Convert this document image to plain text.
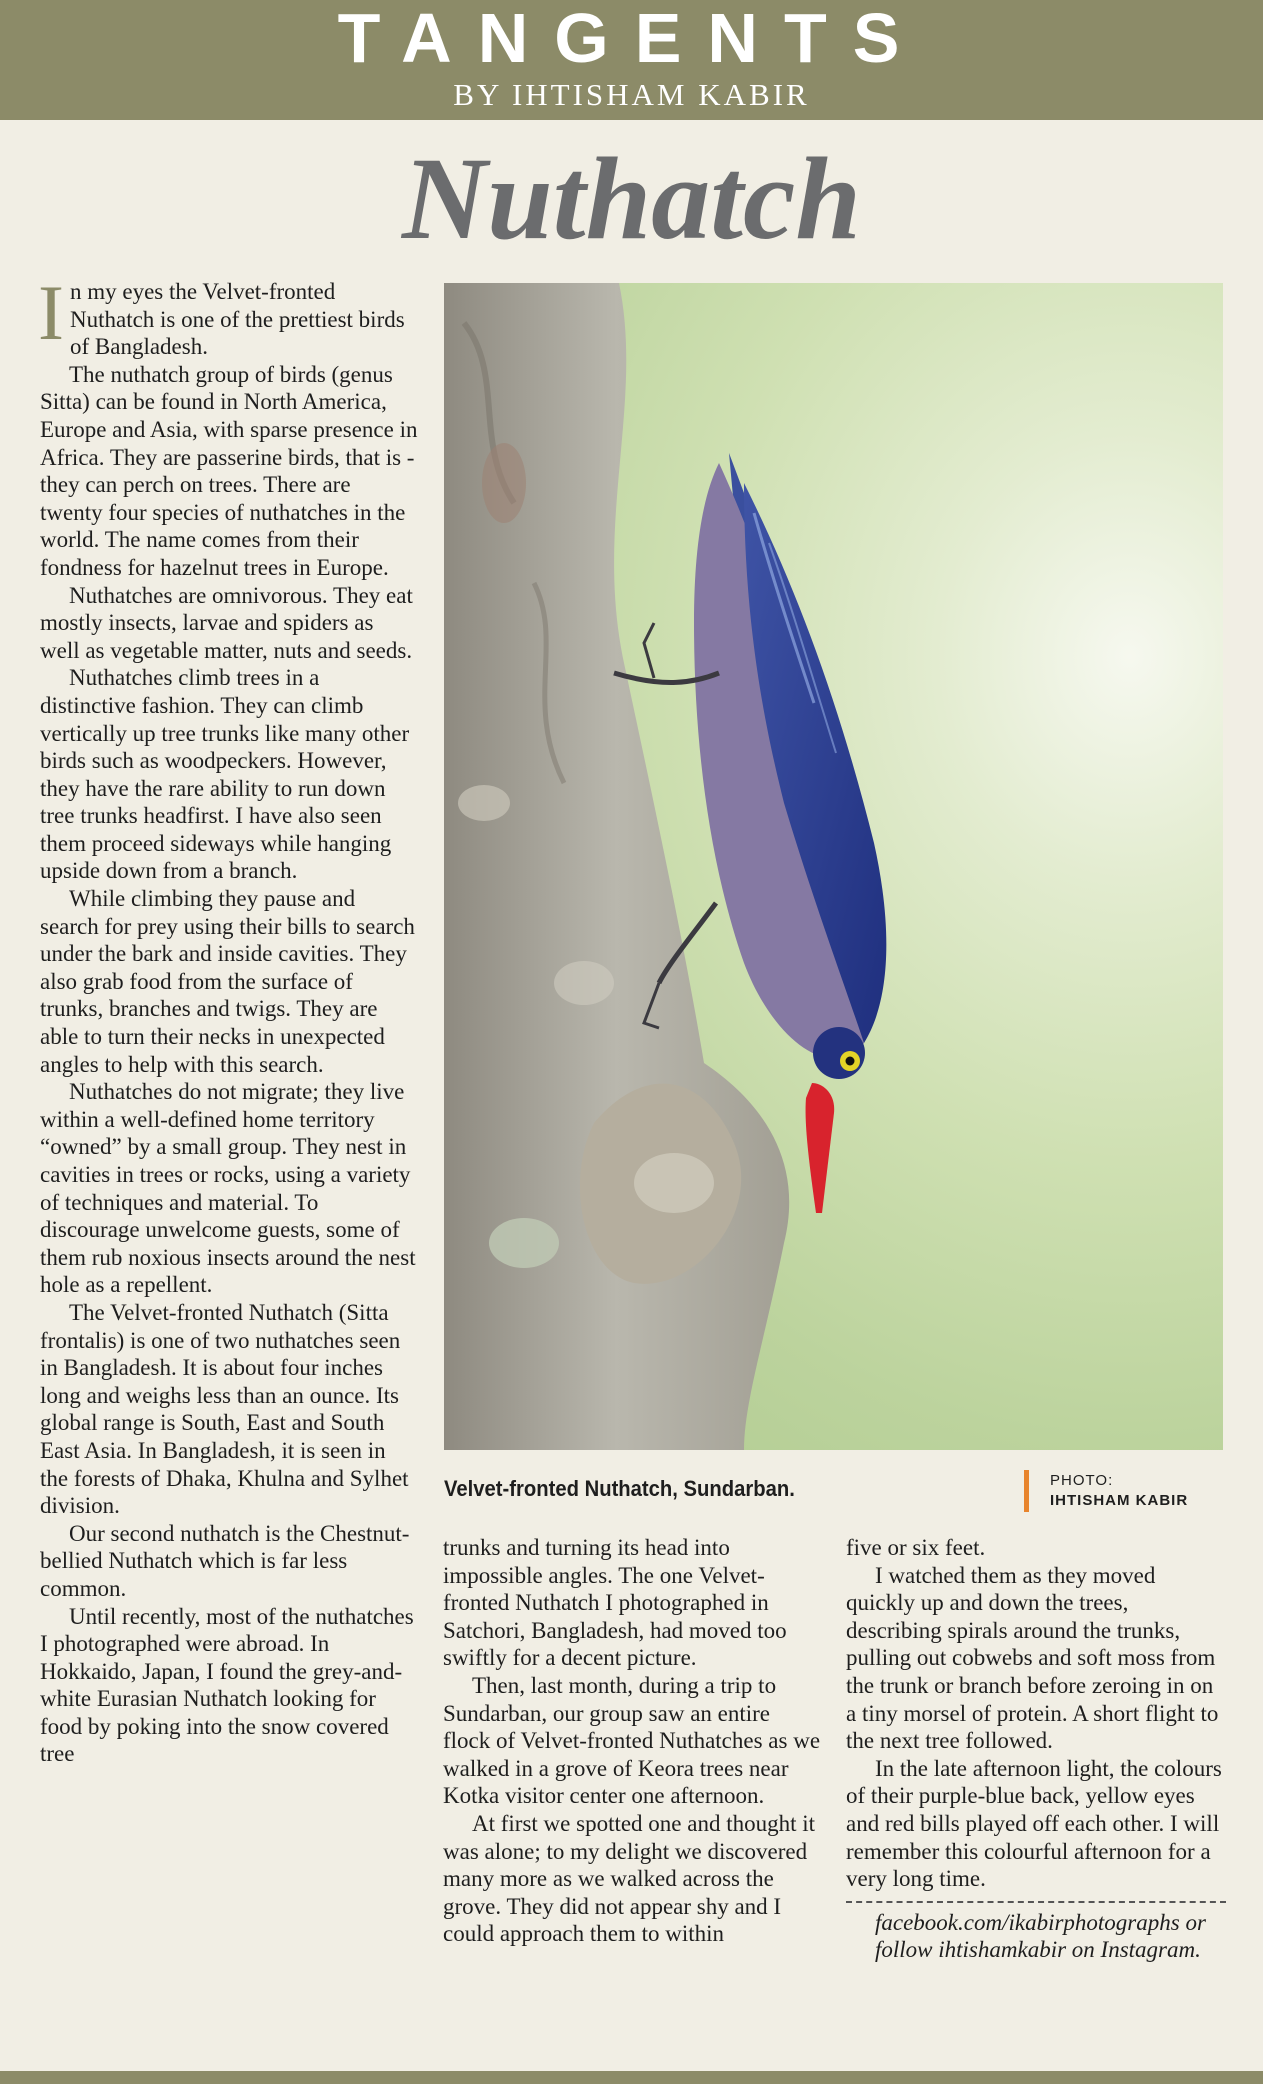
TANGENTS
BY IHTISHAM KABIR
Nuthatch

In my eyes the Velvet-fronted Nuthatch is one of the prettiest birds of Bangladesh.

The nuthatch group of birds (genus Sitta) can be found in North America, Europe and Asia, with sparse presence in Africa. They are passerine birds, that is - they can perch on trees. There are twenty four species of nuthatches in the world. The name comes from their fondness for hazelnut trees in Europe.

Nuthatches are omnivorous. They eat mostly insects, larvae and spiders as well as vegetable matter, nuts and seeds.

Nuthatches climb trees in a distinctive fashion. They can climb vertically up tree trunks like many other birds such as woodpeckers. However, they have the rare ability to run down tree trunks headfirst. I have also seen them proceed sideways while hanging upside down from a branch.

While climbing they pause and search for prey using their bills to search under the bark and inside cavities. They also grab food from the surface of trunks, branches and twigs. They are able to turn their necks in unexpected angles to help with this search.

Nuthatches do not migrate; they live within a well-defined home territory “owned” by a small group. They nest in cavities in trees or rocks, using a variety of techniques and material. To discourage unwelcome guests, some of them rub noxious insects around the nest hole as a repellent.

The Velvet-fronted Nuthatch (Sitta frontalis) is one of two nuthatches seen in Bangladesh. It is about four inches long and weighs less than an ounce. Its global range is South, East and South East Asia. In Bangladesh, it is seen in the forests of Dhaka, Khulna and Sylhet division.

Our second nuthatch is the Chestnut-bellied Nuthatch which is far less common.

Until recently, most of the nuthatches I photographed were abroad. In Hokkaido, Japan, I found the grey-and-white Eurasian Nuthatch looking for food by poking into the snow covered tree

Velvet-fronted Nuthatch, Sundarban.	PHOTO:
IHTISHAM KABIR

trunks and turning its head into impossible angles. The one Velvet-fronted Nuthatch I photographed in Satchori, Bangladesh, had moved too swiftly for a decent picture.

Then, last month, during a trip to Sundarban, our group saw an entire flock of Velvet-fronted Nuthatches as we walked in a grove of Keora trees near Kotka visitor center one afternoon.

At first we spotted one and thought it was alone; to my delight we discovered many more as we walked across the grove. They did not appear shy and I could approach them to within

five or six feet.

I watched them as they moved quickly up and down the trees, describing spirals around the trunks, pulling out cobwebs and soft moss from the trunk or branch before zeroing in on a tiny morsel of protein. A short flight to the next tree followed.

In the late afternoon light, the colours of their purple-blue back, yellow eyes and red bills played off each other. I will remember this colourful afternoon for a very long time.

facebook.com/ikabirphotographs or

follow ihtishamkabir on Instagram.
